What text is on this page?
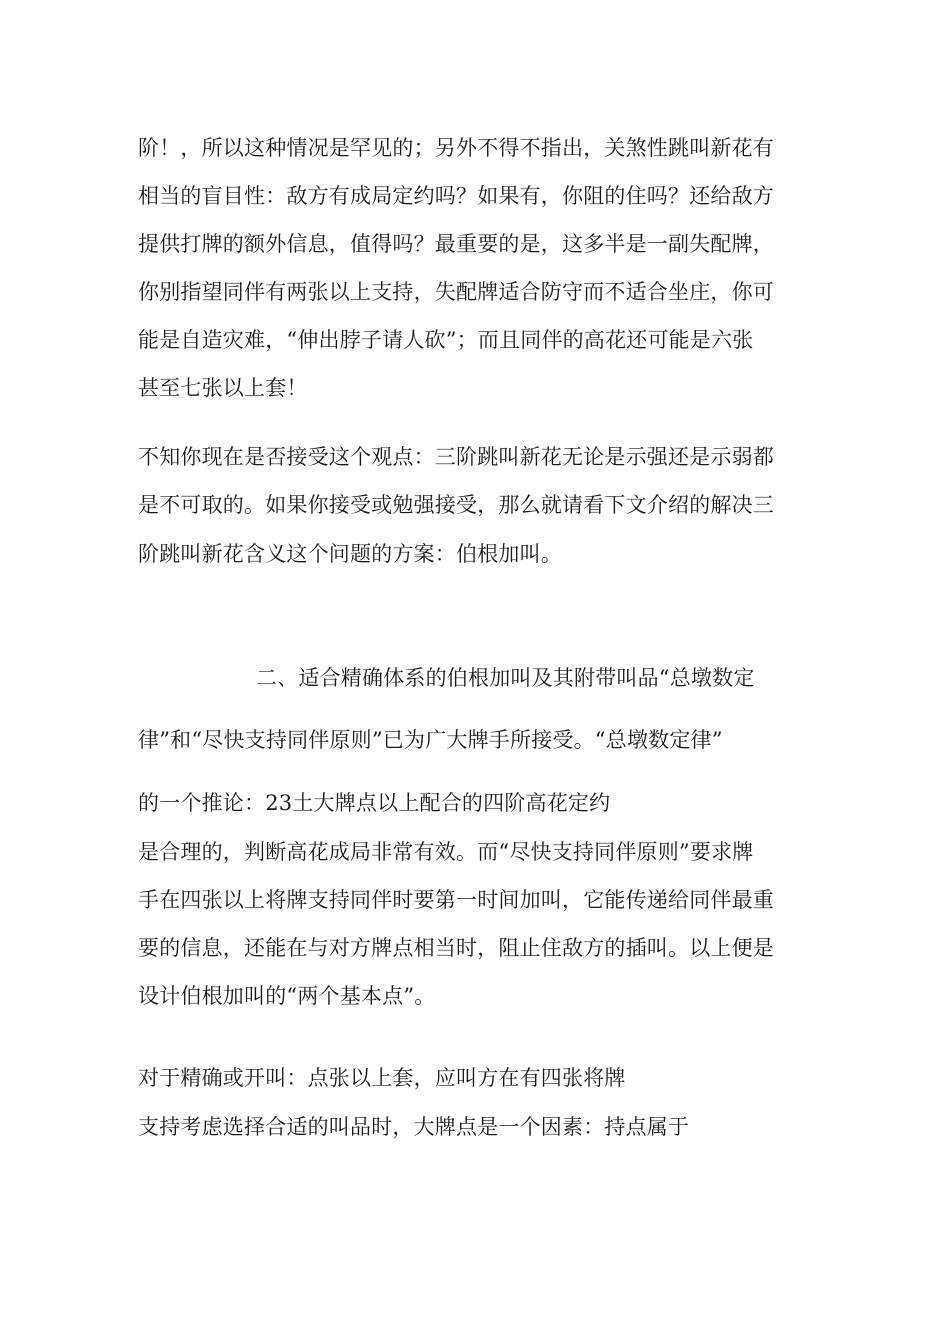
阶！，所以这种情况是罕见的；另外不得不指出，关煞性跳叫新花有
相当的盲目性：敌方有成局定约吗？如果有，你阻的住吗？还给敌方
提供打牌的额外信息，值得吗？最重要的是，这多半是一副失配牌，
你别指望同伴有两张以上支持，失配牌适合防守而不适合坐庄，你可
能是自造灾难，“伸出脖子请人砍”；而且同伴的高花还可能是六张
甚至七张以上套！
不知你现在是否接受这个观点：三阶跳叫新花无论是示强还是示弱都
是不可取的。如果你接受或勉强接受，那么就请看下文介绍的解决三
阶跳叫新花含义这个问题的方案：伯根加叫。
二、适合精确体系的伯根加叫及其附带叫品“总墩数定
律”和“尽快支持同伴原则”已为广大牌手所接受。“总墩数定律”
的一个推论：23土大牌点以上配合的四阶高花定约
是合理的，判断高花成局非常有效。而“尽快支持同伴原则”要求牌
手在四张以上将牌支持同伴时要第一时间加叫，它能传递给同伴最重
要的信息，还能在与对方牌点相当时，阻止住敌方的插叫。以上便是
设计伯根加叫的“两个基本点”。
对于精确或开叫：点张以上套，应叫方在有四张将牌
支持考虑选择合适的叫品时，大牌点是一个因素：持点属于
